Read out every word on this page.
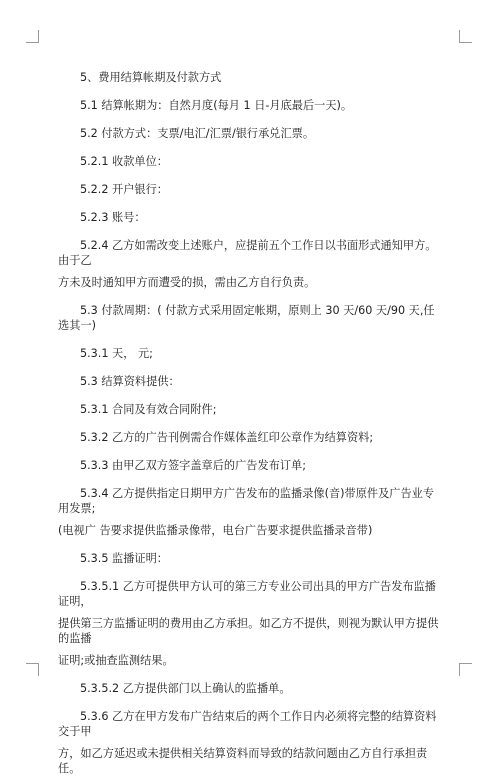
5、费用结算帐期及付款方式
5.1 结算帐期为：自然月度(每月 1 日-月底最后一天)。
5.2 付款方式：支票/电汇/汇票/银行承兑汇票。
5.2.1 收款单位：
5.2.2 开户银行：
5.2.3 账号：
5.2.4 乙方如需改变上述账户，应提前五个工作日以书面形式通知甲方。由于乙
方未及时通知甲方而遭受的损，需由乙方自行负责。
5.3 付款周期：( 付款方式采用固定帐期，原则上 30 天/60 天/90 天,任选其一)
5.3.1 天， 元;
5.3 结算资料提供：
5.3.1 合同及有效合同附件;
5.3.2 乙方的广告刊例需合作媒体盖红印公章作为结算资料;
5.3.3 由甲乙双方签字盖章后的广告发布订单;
5.3.4 乙方提供指定日期甲方广告发布的监播录像(音)带原件及广告业专用发票;
(电视广 告要求提供监播录像带，电台广告要求提供监播录音带)
5.3.5 监播证明：
5.3.5.1 乙方可提供甲方认可的第三方专业公司出具的甲方广告发布监播证明，
提供第三方监播证明的费用由乙方承担。如乙方不提供，则视为默认甲方提供的监播
证明;或抽查监测结果。
5.3.5.2 乙方提供部门以上确认的监播单。
5.3.6 乙方在甲方发布广告结束后的两个工作日内必须将完整的结算资料交于甲
方，如乙方延迟或未提供相关结算资料而导致的结款问题由乙方自行承担责任。
